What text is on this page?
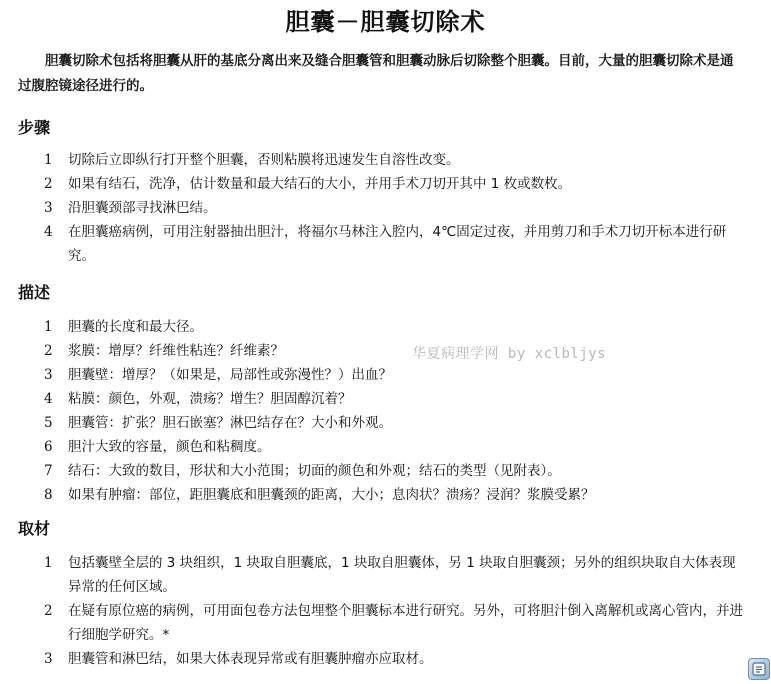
胆囊－胆囊切除术
胆囊切除术包括将胆囊从肝的基底分离出来及缝合胆囊管和胆囊动脉后切除整个胆囊。目前，大量的胆囊切除术是通过腹腔镜途径进行的。
步骤
1	切除后立即纵行打开整个胆囊，否则粘膜将迅速发生自溶性改变。
2	如果有结石，洗净，估计数量和最大结石的大小，并用手术刀切开其中 1 枚或数枚。
3	沿胆囊颈部寻找淋巴结。
4	在胆囊癌病例，可用注射器抽出胆汁，将福尔马林注入腔内，4℃固定过夜，并用剪刀和手术刀切开标本进行研究。
描述
1	胆囊的长度和最大径。
2	浆膜：增厚？纤维性粘连？纤维素？
3	胆囊壁：增厚？（如果是，局部性或弥漫性？）出血？
4	粘膜：颜色，外观，溃疡？增生？胆固醇沉着？
5	胆囊管：扩张？胆石嵌塞？淋巴结存在？大小和外观。
6	胆汁大致的容量，颜色和粘稠度。
7	结石：大致的数目，形状和大小范围；切面的颜色和外观；结石的类型（见附表）。
8	如果有肿瘤：部位，距胆囊底和胆囊颈的距离，大小；息肉状？溃疡？浸润？浆膜受累？
取材
1	包括囊壁全层的 3 块组织，1 块取自胆囊底，1 块取自胆囊体，另 1 块取自胆囊颈；另外的组织块取自大体表现异常的任何区域。
2	在疑有原位癌的病例，可用面包卷方法包埋整个胆囊标本进行研究。另外，可将胆汁倒入离解机或离心管内，并进行细胞学研究。*
3	胆囊管和淋巴结，如果大体表现异常或有胆囊肿瘤亦应取材。
华夏病理学网 by xclbljys
